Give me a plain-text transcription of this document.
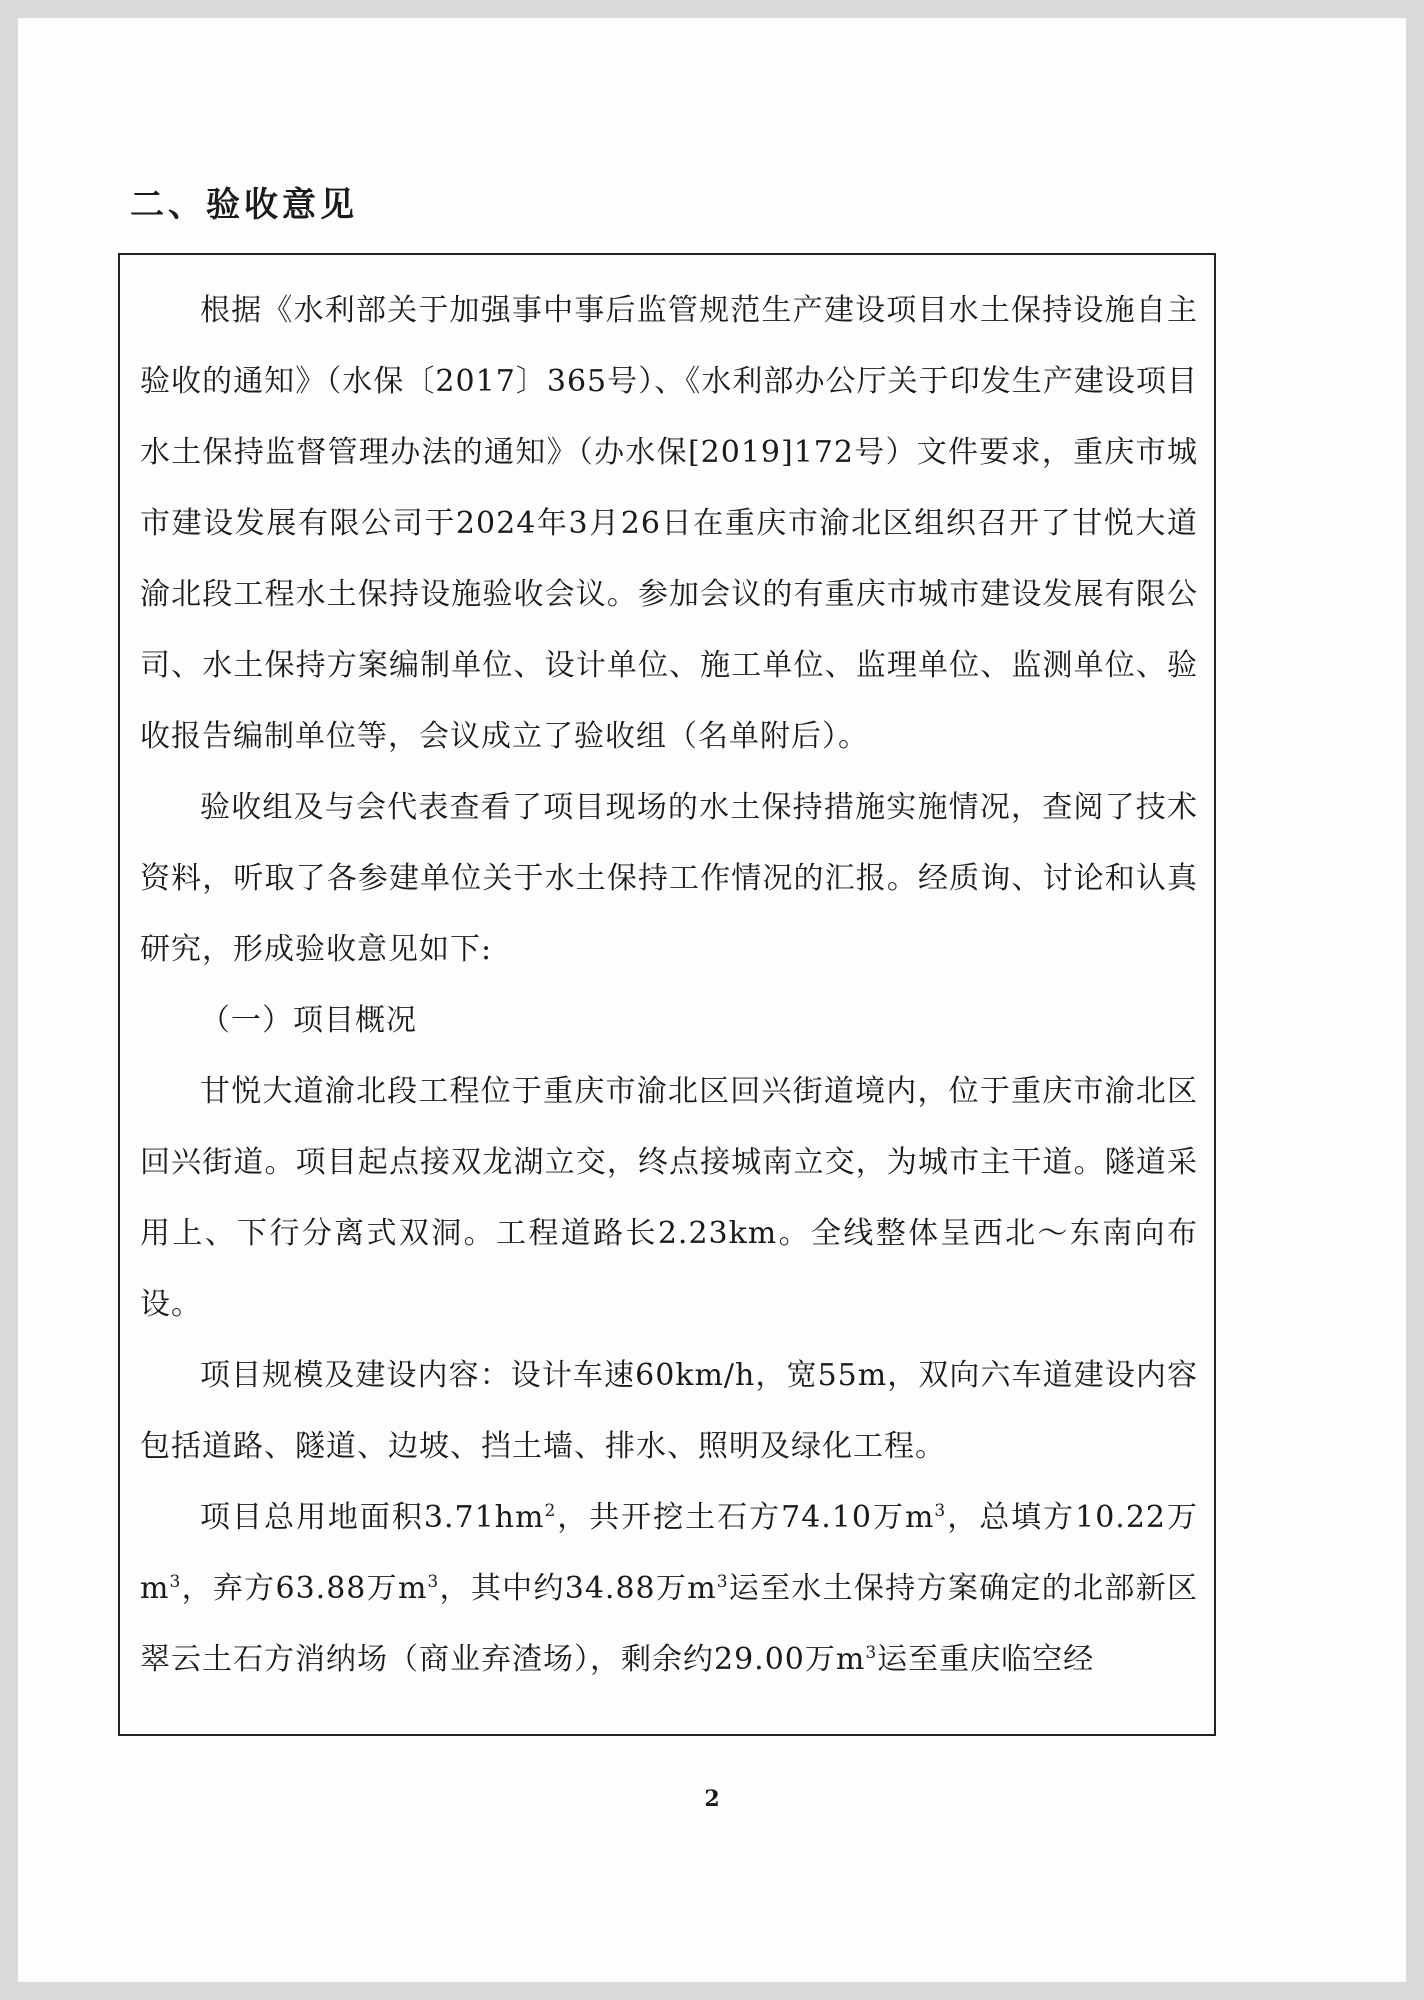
二、验收意见

根据《水利部关于加强事中事后监管规范生产建设项目水土保持设施自主验收的通知》（水保〔2017〕365号）、《水利部办公厅关于印发生产建设项目水土保持监督管理办法的通知》（办水保[2019]172号）文件要求，重庆市城市建设发展有限公司于2024年3月26日在重庆市渝北区组织召开了甘悦大道渝北段工程水土保持设施验收会议。参加会议的有重庆市城市建设发展有限公司、水土保持方案编制单位、设计单位、施工单位、监理单位、监测单位、验收报告编制单位等，会议成立了验收组（名单附后）。

验收组及与会代表查看了项目现场的水土保持措施实施情况，查阅了技术资料，听取了各参建单位关于水土保持工作情况的汇报。经质询、讨论和认真研究，形成验收意见如下:

（一）项目概况

甘悦大道渝北段工程位于重庆市渝北区回兴街道境内，位于重庆市渝北区回兴街道。项目起点接双龙湖立交，终点接城南立交，为城市主干道。隧道采用上、下行分离式双洞。工程道路长2.23km。全线整体呈西北～东南向布设。

项目规模及建设内容：设计车速60km/h，宽55m，双向六车道建设内容包括道路、隧道、边坡、挡土墙、排水、照明及绿化工程。

项目总用地面积$3.71hm^2$，共开挖土石方74.10万$m^3$，总填方10.22万$m^3$，弃方63.88万$m^3$，其中约34.88万$m^3$运至水土保持方案确定的北部新区翠云土石方消纳场（商业弃渣场），剩余约29.00万$m^3$运至重庆临空经

2
